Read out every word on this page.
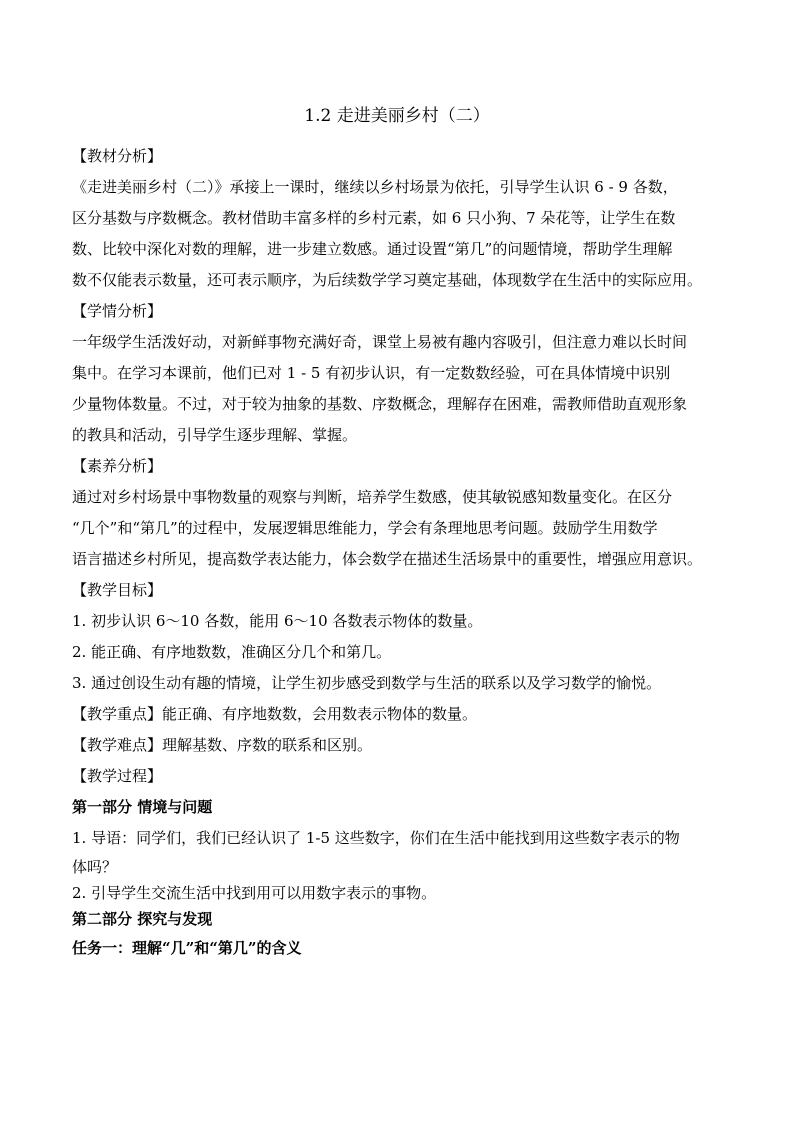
1.2 走进美丽乡村（二）
【教材分析】
《走进美丽乡村（二）》承接上一课时，继续以乡村场景为依托，引导学生认识 6 - 9 各数，
区分基数与序数概念。教材借助丰富多样的乡村元素，如 6 只小狗、7 朵花等，让学生在数
数、比较中深化对数的理解，进一步建立数感。通过设置“第几”的问题情境，帮助学生理解
数不仅能表示数量，还可表示顺序，为后续数学学习奠定基础，体现数学在生活中的实际应用。
【学情分析】
一年级学生活泼好动，对新鲜事物充满好奇，课堂上易被有趣内容吸引，但注意力难以长时间
集中。在学习本课前，他们已对 1 - 5 有初步认识，有一定数数经验，可在具体情境中识别
少量物体数量。不过，对于较为抽象的基数、序数概念，理解存在困难，需教师借助直观形象
的教具和活动，引导学生逐步理解、掌握。
【素养分析】
通过对乡村场景中事物数量的观察与判断，培养学生数感，使其敏锐感知数量变化。在区分
“几个”和“第几”的过程中，发展逻辑思维能力，学会有条理地思考问题。鼓励学生用数学
语言描述乡村所见，提高数学表达能力，体会数学在描述生活场景中的重要性，增强应用意识。
【教学目标】
1. 初步认识 6～10 各数，能用 6～10 各数表示物体的数量。
2. 能正确、有序地数数，准确区分几个和第几。
3. 通过创设生动有趣的情境，让学生初步感受到数学与生活的联系以及学习数学的愉悦。
【教学重点】能正确、有序地数数，会用数表示物体的数量。
【教学难点】理解基数、序数的联系和区别。
【教学过程】
第一部分 情境与问题
1. 导语：同学们，我们已经认识了 1-5 这些数字，你们在生活中能找到用这些数字表示的物
体吗？
2. 引导学生交流生活中找到用可以用数字表示的事物。
第二部分 探究与发现
任务一：理解“几”和“第几”的含义
